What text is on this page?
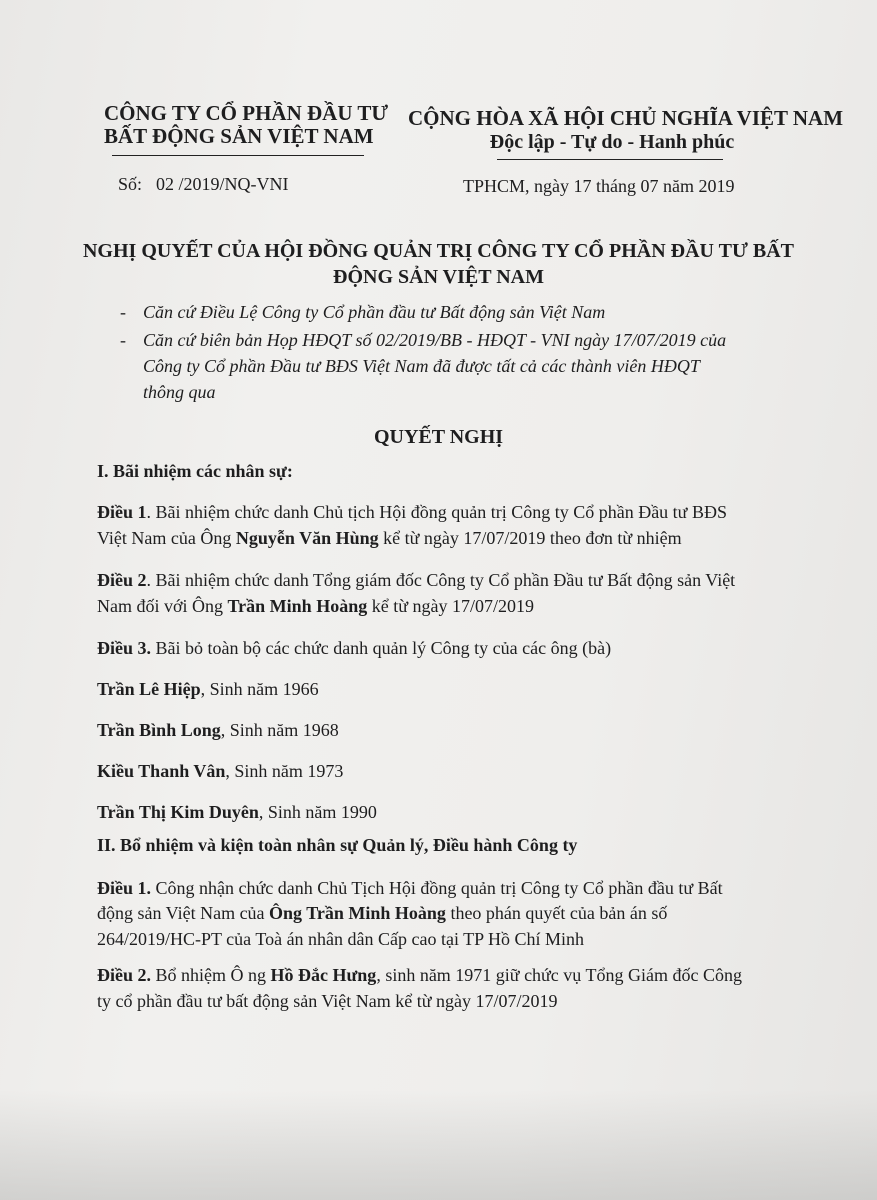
CÔNG TY CỔ PHẦN ĐẦU TƯ
BẤT ĐỘNG SẢN VIỆT NAM
CỘNG HÒA XÃ HỘI CHỦ NGHĨA VIỆT NAM
Độc lập - Tự do - Hanh phúc
Số: 02 /2019/NQ-VNI	TPHCM, ngày 17 tháng 07 năm 2019
NGHỊ QUYẾT CỦA HỘI ĐỒNG QUẢN TRỊ CÔNG TY CỔ PHẦN ĐẦU TƯ BẤT
ĐỘNG SẢN VIỆT NAM
- Căn cứ Điều Lệ Công ty Cổ phần đầu tư Bất động sản Việt Nam
- Căn cứ biên bản Họp HĐQT số 02/2019/BB - HĐQT - VNI ngày 17/07/2019 của
Công ty Cổ phần Đầu tư BĐS Việt Nam đã được tất cả các thành viên HĐQT
thông qua
QUYẾT NGHỊ
I. Bãi nhiệm các nhân sự:
Điều 1. Bãi nhiệm chức danh Chủ tịch Hội đồng quản trị Công ty Cổ phần Đầu tư BĐS
Việt Nam của Ông Nguyễn Văn Hùng kể từ ngày 17/07/2019 theo đơn từ nhiệm
Điều 2. Bãi nhiệm chức danh Tổng giám đốc Công ty Cổ phần Đầu tư Bất động sản Việt
Nam đối với Ông Trần Minh Hoàng kể từ ngày 17/07/2019
Điều 3. Bãi bỏ toàn bộ các chức danh quản lý Công ty của các ông (bà)
Trần Lê Hiệp, Sinh năm 1966
Trần Bình Long, Sinh năm 1968
Kiều Thanh Vân, Sinh năm 1973
Trần Thị Kim Duyên, Sinh năm 1990
II. Bổ nhiệm và kiện toàn nhân sự Quản lý, Điều hành Công ty
Điều 1. Công nhận chức danh Chủ Tịch Hội đồng quản trị Công ty Cổ phần đầu tư Bất
động sản Việt Nam của Ông Trần Minh Hoàng theo phán quyết của bản án số
264/2019/HC-PT của Toà án nhân dân Cấp cao tại TP Hồ Chí Minh
Điều 2. Bổ nhiệm Ô ng Hồ Đắc Hưng, sinh năm 1971 giữ chức vụ Tổng Giám đốc Công
ty cổ phần đầu tư bất động sản Việt Nam kể từ ngày 17/07/2019
